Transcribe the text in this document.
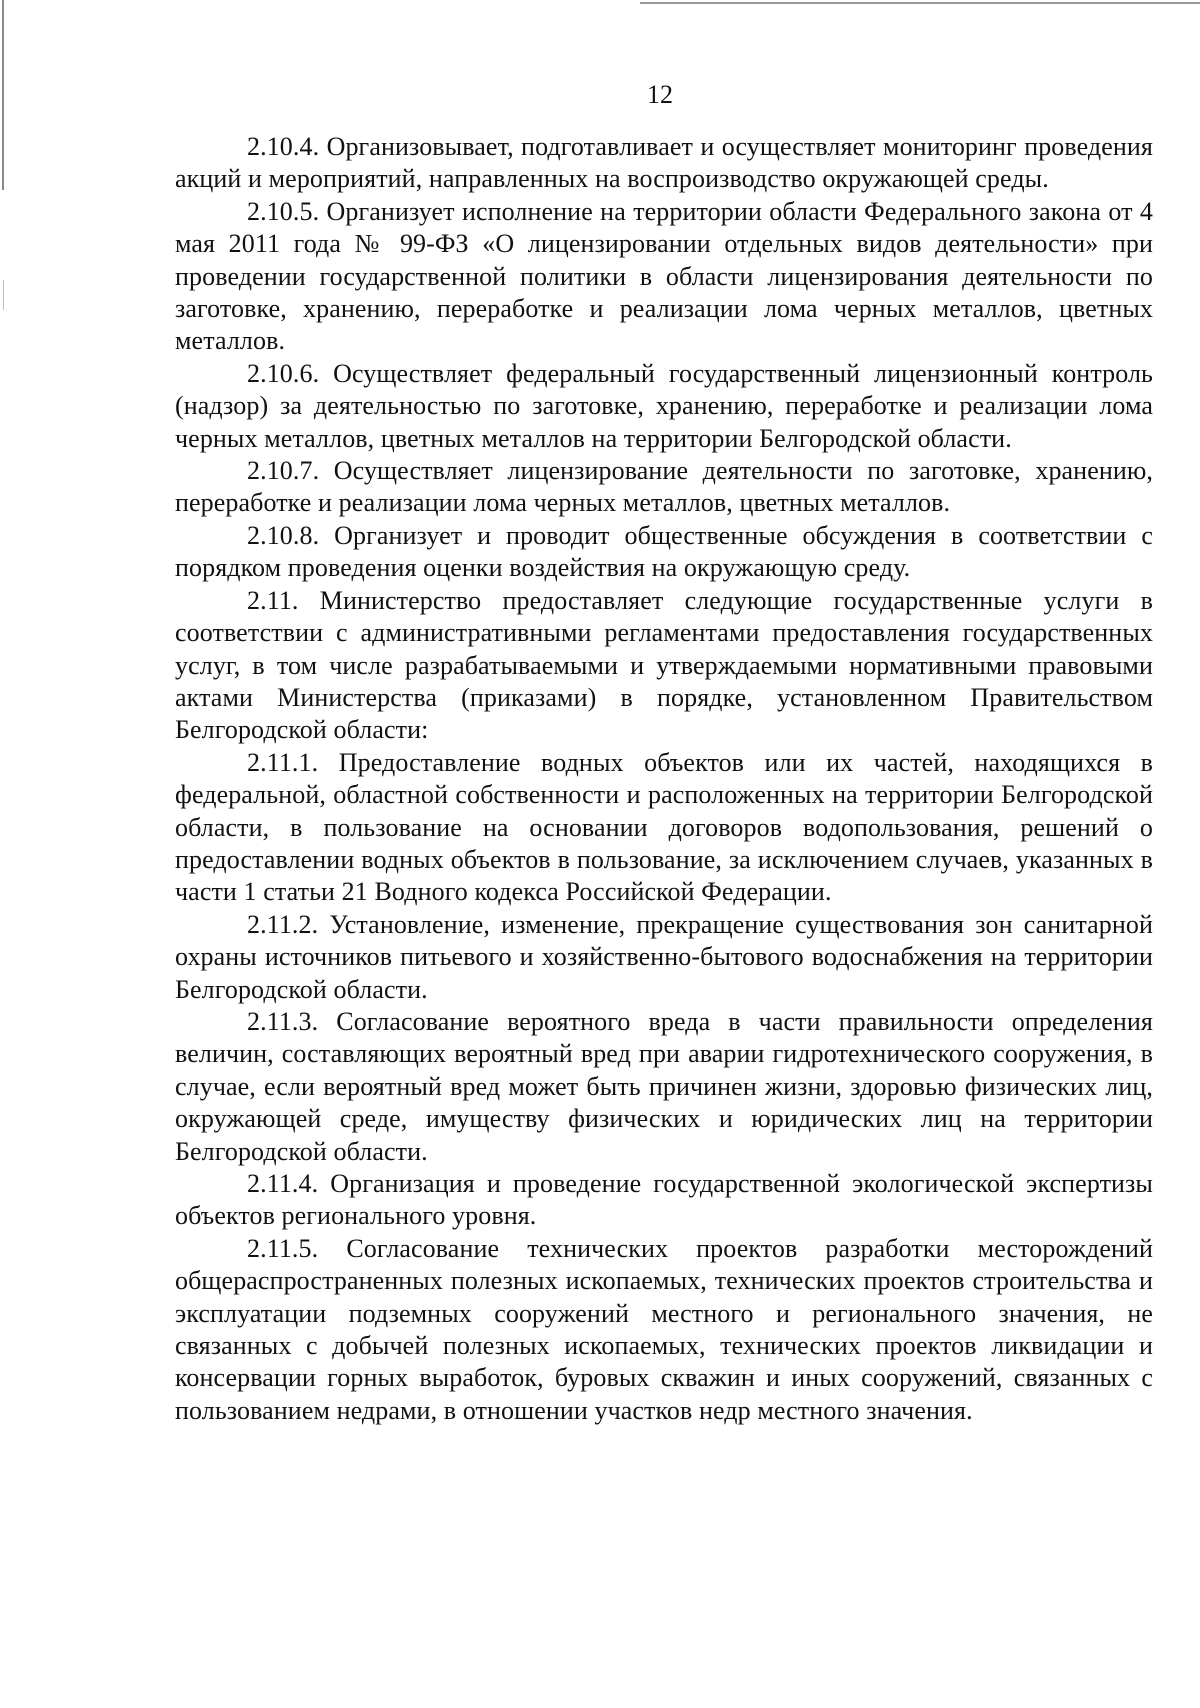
12

2.10.4. Организовывает, подготавливает и осуществляет мониторинг проведения акций и мероприятий, направленных на воспроизводство окружающей среды.

2.10.5. Организует исполнение на территории области Федерального закона от 4 мая 2011 года № 99-ФЗ «О лицензировании отдельных видов деятельности» при проведении государственной политики в области лицензирования деятельности по заготовке, хранению, переработке и реализации лома черных металлов, цветных металлов.

2.10.6. Осуществляет федеральный государственный лицензионный контроль (надзор) за деятельностью по заготовке, хранению, переработке и реализации лома черных металлов, цветных металлов на территории Белгородской области.

2.10.7. Осуществляет лицензирование деятельности по заготовке, хранению, переработке и реализации лома черных металлов, цветных металлов.

2.10.8. Организует и проводит общественные обсуждения в соответствии с порядком проведения оценки воздействия на окружающую среду.

2.11. Министерство предоставляет следующие государственные услуги в соответствии с административными регламентами предоставления государственных услуг, в том числе разрабатываемыми и утверждаемыми нормативными правовыми актами Министерства (приказами) в порядке, установленном Правительством Белгородской области:

2.11.1. Предоставление водных объектов или их частей, находящихся в федеральной, областной собственности и расположенных на территории Белгородской области, в пользование на основании договоров водопользования, решений о предоставлении водных объектов в пользование, за исключением случаев, указанных в части 1 статьи 21 Водного кодекса Российской Федерации.

2.11.2. Установление, изменение, прекращение существования зон санитарной охраны источников питьевого и хозяйственно-бытового водоснабжения на территории Белгородской области.

2.11.3. Согласование вероятного вреда в части правильности определения величин, составляющих вероятный вред при аварии гидротехнического сооружения, в случае, если вероятный вред может быть причинен жизни, здоровью физических лиц, окружающей среде, имуществу физических и юридических лиц на территории Белгородской области.

2.11.4. Организация и проведение государственной экологической экспертизы объектов регионального уровня.

2.11.5. Согласование технических проектов разработки месторождений общераспространенных полезных ископаемых, технических проектов строительства и эксплуатации подземных сооружений местного и регионального значения, не связанных с добычей полезных ископаемых, технических проектов ликвидации и консервации горных выработок, буровых скважин и иных сооружений, связанных с пользованием недрами, в отношении участков недр местного значения.
